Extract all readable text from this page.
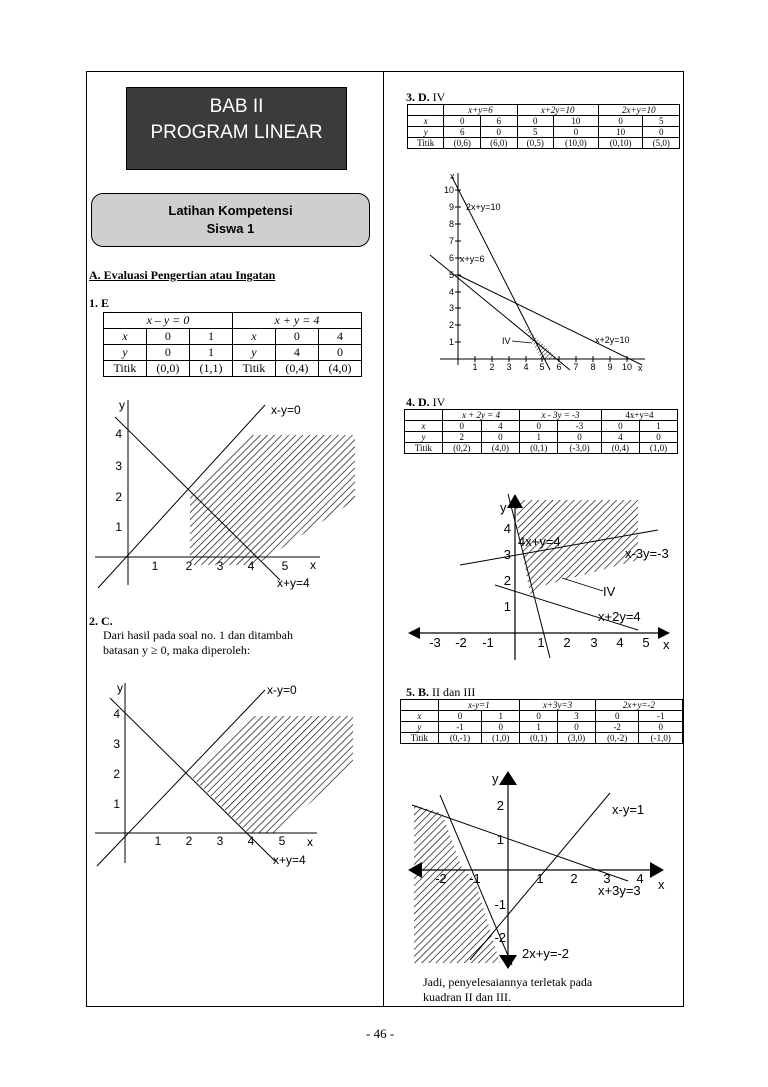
BAB II
PROGRAM LINEAR
Latihan Kompetensi
Siswa 1
A. Evaluasi Pengertian atau Ingatan
1. E
x – y = 0			x + y = 4		
x	0	1	x	0	4
y	0	1	y	4	0
Titik	(0,0)	(1,1)	Titik	(0,4)	(4,0)
y
x
1 2 3 4 5
1
2
3
4
x-y=0
x+y=4
2. C.
Dari hasil pada soal no. 1 dan ditambah
batasan y ≥ 0, maka diperoleh:
y
x
1 2 3 4 5
1
2
3
4
x-y=0
x+y=4
3. D. IV
	x+y=6		x+2y=10		2x+y=10	
x	0	6	0	10	0	5
y	6	0	5	0	10	0
Titik	(0,6)	(6,0)	(0,5)	(10,0)	(0,10)	(5,0)
x
x
1 2 3 4 5 6 7 8 9 10
1
2
3
4
5
6
7
8
9
10
2x+y=10
x+y=6
x+2y=10
IV
4. D. IV
	x + 2y = 4		x - 3y = -3		4x+y=4	
x	0	4	0	-3	0	1
y	2	0	1	0	4	0
Titik	(0,2)	(4,0)	(0,1)	(-3,0)	(0,4)	(1,0)
y
x
-3 -2 -1	1 2 3 4 5
1
2
3
4
4x+y=4
x-3y=-3
x+2y=4
IV
5. B. II dan III
	x-y=1		x+3y=3		2x+y=-2	
x	0	1	0	3	0	-1
y	-1	0	1	0	-2	0
Titik	(0,-1)	(1,0)	(0,1)	(3,0)	(0,-2)	(-1,0)
y
x
-2 -1	1 2 3 4
2
1
-1
-2
x-y=1
x+3y=3
2x+y=-2
Jadi, penyelesaiannya terletak pada
kuadran II dan III.
- 46 -
